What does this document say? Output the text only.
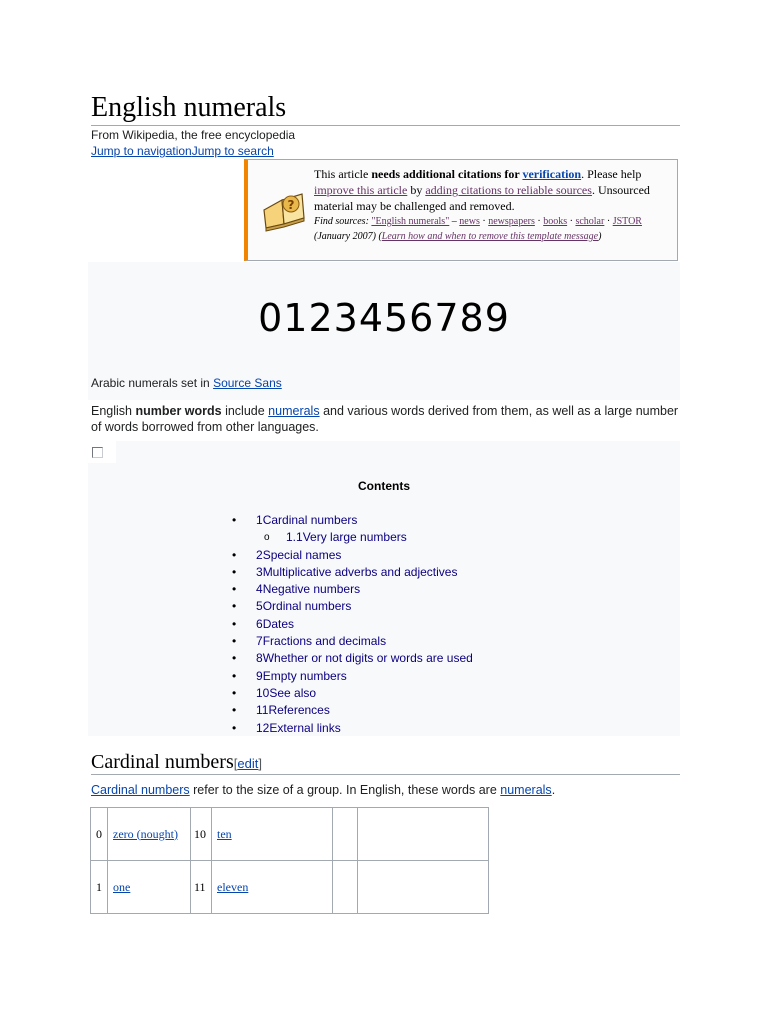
English numerals
From Wikipedia, the free encyclopedia
Jump to navigationJump to search
?
This article needs additional citations for verification. Please help improve this article by adding citations to reliable sources. Unsourced material may be challenged and removed.
Find sources: "English numerals" – news · newspapers · books · scholar · JSTOR (January 2007) (Learn how and when to remove this template message)
0123456789
Arabic numerals set in Source Sans

English number words include numerals and various words derived from them, as well as a large number of words borrowed from other languages.

Contents
• 1Cardinal numbers
o 1.1Very large numbers
• 2Special names
• 3Multiplicative adverbs and adjectives
• 4Negative numbers
• 5Ordinal numbers
• 6Dates
• 7Fractions and decimals
• 8Whether or not digits or words are used
• 9Empty numbers
• 10See also
• 11References
• 12External links
Cardinal numbers[edit]

Cardinal numbers refer to the size of a group. In English, these words are numerals.

0	zero (nought)	10	ten		
1	one	11	eleven		
